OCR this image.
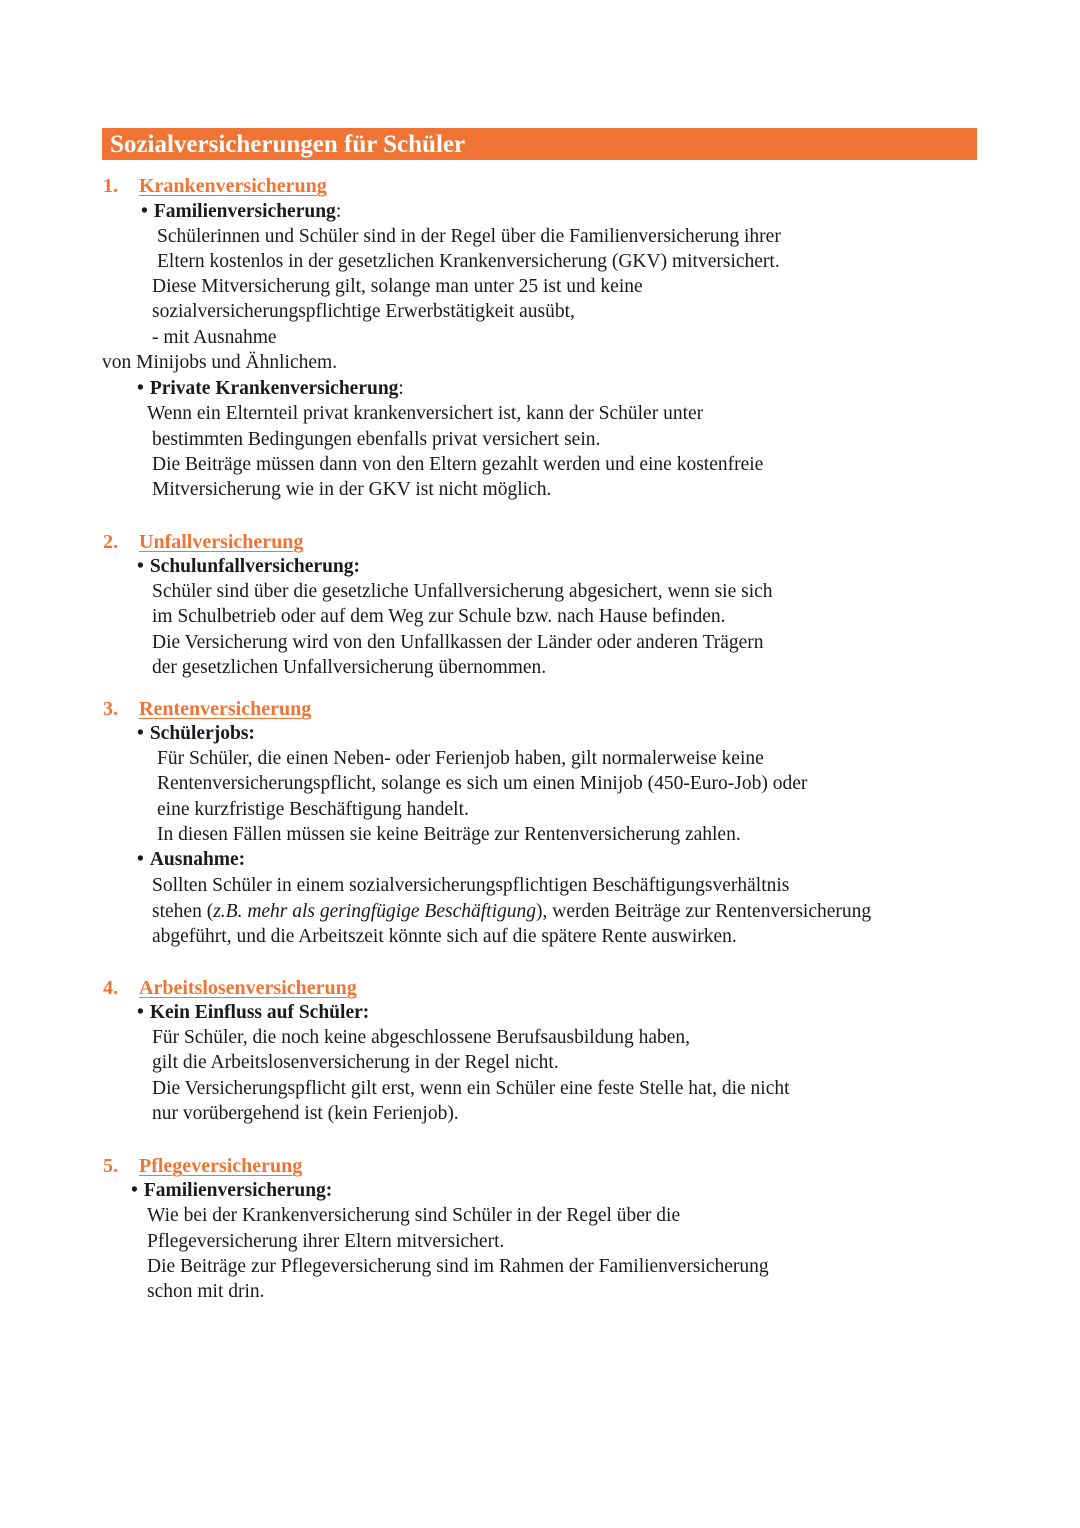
Sozialversicherungen für Schüler
1. Krankenversicherung
• Familienversicherung:
Schülerinnen und Schüler sind in der Regel über die Familienversicherung ihrer
Eltern kostenlos in der gesetzlichen Krankenversicherung (GKV) mitversichert.
Diese Mitversicherung gilt, solange man unter 25 ist und keine
sozialversicherungspflichtige Erwerbstätigkeit ausübt,
- mit Ausnahme
von Minijobs und Ähnlichem.
• Private Krankenversicherung:
Wenn ein Elternteil privat krankenversichert ist, kann der Schüler unter
bestimmten Bedingungen ebenfalls privat versichert sein.
Die Beiträge müssen dann von den Eltern gezahlt werden und eine kostenfreie
Mitversicherung wie in der GKV ist nicht möglich.
2. Unfallversicherung
• Schulunfallversicherung:
Schüler sind über die gesetzliche Unfallversicherung abgesichert, wenn sie sich
im Schulbetrieb oder auf dem Weg zur Schule bzw. nach Hause befinden.
Die Versicherung wird von den Unfallkassen der Länder oder anderen Trägern
der gesetzlichen Unfallversicherung übernommen.
3. Rentenversicherung
• Schülerjobs:
Für Schüler, die einen Neben- oder Ferienjob haben, gilt normalerweise keine
Rentenversicherungspflicht, solange es sich um einen Minijob (450-Euro-Job) oder
eine kurzfristige Beschäftigung handelt.
In diesen Fällen müssen sie keine Beiträge zur Rentenversicherung zahlen.
• Ausnahme:
Sollten Schüler in einem sozialversicherungspflichtigen Beschäftigungsverhältnis
stehen (z.B. mehr als geringfügige Beschäftigung), werden Beiträge zur Rentenversicherung
abgeführt, und die Arbeitszeit könnte sich auf die spätere Rente auswirken.
4. Arbeitslosenversicherung
• Kein Einfluss auf Schüler:
Für Schüler, die noch keine abgeschlossene Berufsausbildung haben,
gilt die Arbeitslosenversicherung in der Regel nicht.
Die Versicherungspflicht gilt erst, wenn ein Schüler eine feste Stelle hat, die nicht
nur vorübergehend ist (kein Ferienjob).
5. Pflegeversicherung
• Familienversicherung:
Wie bei der Krankenversicherung sind Schüler in der Regel über die
Pflegeversicherung ihrer Eltern mitversichert.
Die Beiträge zur Pflegeversicherung sind im Rahmen der Familienversicherung
schon mit drin.
